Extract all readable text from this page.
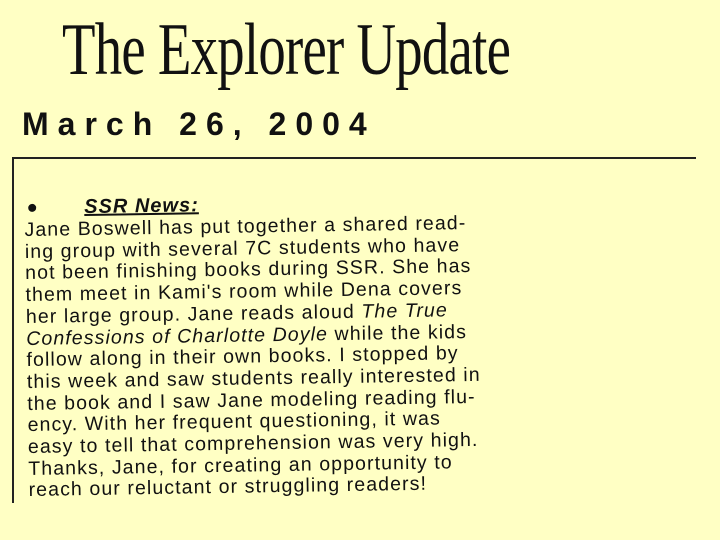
The Explorer Update
March 26, 2004
SSR News:
Jane Boswell has put together a shared read-
ing group with several 7C students who have
not been finishing books during SSR. She has
them meet in Kami's room while Dena covers
her large group. Jane reads aloud The True
Confessions of Charlotte Doyle while the kids
follow along in their own books. I stopped by
this week and saw students really interested in
the book and I saw Jane modeling reading flu-
ency. With her frequent questioning, it was
easy to tell that comprehension was very high.
Thanks, Jane, for creating an opportunity to
reach our reluctant or struggling readers!
